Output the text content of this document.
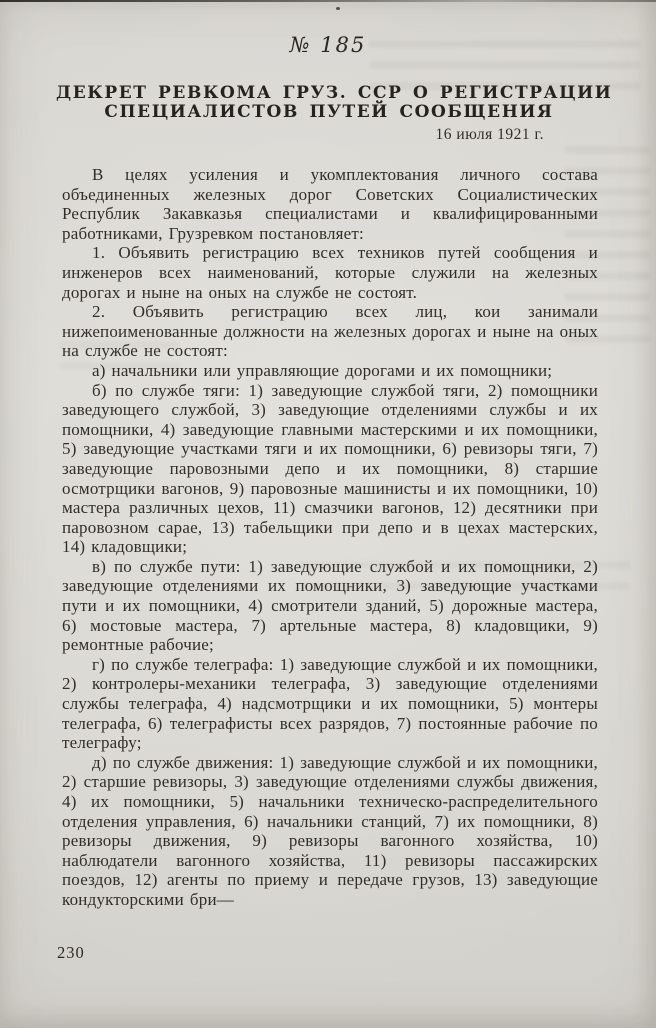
№ 185
ДЕКРЕТ РЕВКОМА ГРУЗ. ССР О РЕГИСТРАЦИИ
СПЕЦИАЛИСТОВ ПУТЕЙ СООБЩЕНИЯ
16 июля 1921 г.

В целях усиления и укомплектования личного состава объединенных железных дорог Советских Социалистических Республик Закавказья специалистами и квалифицированными работниками, Грузревком постановляет:

1. Объявить регистрацию всех техников путей сообщения и инженеров всех наименований, которые служили на железных дорогах и ныне на оных на службе не состоят.

2. Объявить регистрацию всех лиц, кои занимали нижепоименованные должности на железных дорогах и ныне на оных на службе не состоят:

а) начальники или управляющие дорогами и их помощники;

б) по службе тяги: 1) заведующие службой тяги, 2) помощники заведующего службой, 3) заведующие отделениями службы и их помощники, 4) заведующие главными мастерскими и их помощники, 5) заведующие участками тяги и их помощники, 6) ревизоры тяги, 7) заведующие паровозными депо и их помощники, 8) старшие осмотрщики вагонов, 9) паровозные машинисты и их помощники, 10) мастера различных цехов, 11) смазчики вагонов, 12) десятники при паровозном сарае, 13) табельщики при депо и в цехах мастерских, 14) кладовщики;

в) по службе пути: 1) заведующие службой и их помощники, 2) заведующие отделениями их помощники, 3) заведующие участками пути и их помощники, 4) смотрители зданий, 5) дорожные мастера, 6) мостовые мастера, 7) артельные мастера, 8) кладовщики, 9) ремонтные рабочие;

г) по службе телеграфа: 1) заведующие службой и их помощники, 2) контролеры-механики телеграфа, 3) заведующие отделениями службы телеграфа, 4) надсмотрщики и их помощники, 5) монтеры телеграфа, 6) телеграфисты всех разрядов, 7) постоянные рабочие по телеграфу;

д) по службе движения: 1) заведующие службой и их помощники, 2) старшие ревизоры, 3) заведующие отделениями службы движения, 4) их помощники, 5) начальники техническо-распределительного отделения управления, 6) начальники станций, 7) их помощники, 8) ревизоры движения, 9) ревизоры вагонного хозяйства, 10) наблюдатели вагонного хозяйства, 11) ревизоры пассажирских поездов, 12) агенты по приему и передаче грузов, 13) заведующие кондукторскими бри—

230
